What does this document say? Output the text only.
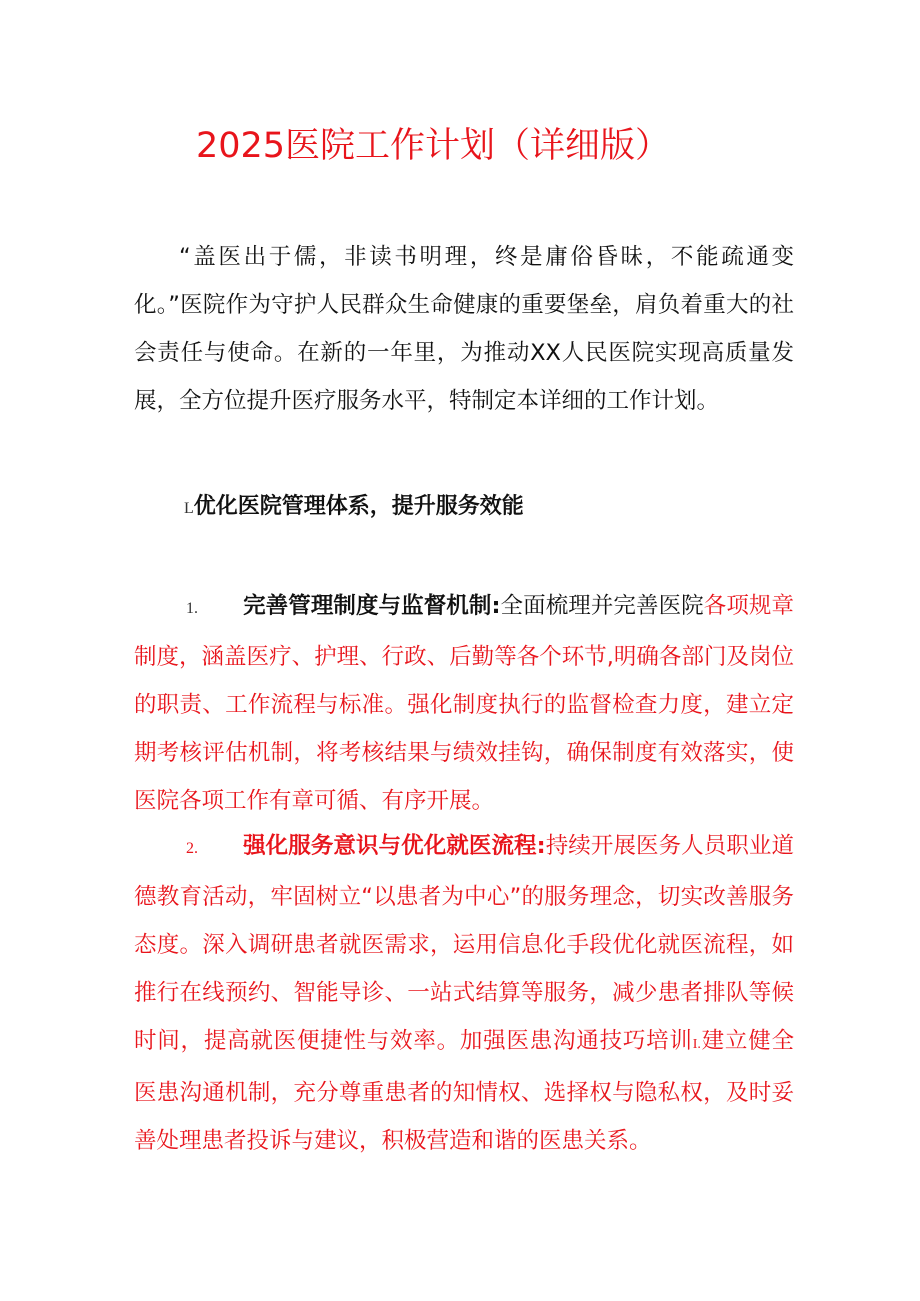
2025医院工作计划（详细版）
“盖医出于儒，非读书明理，终是庸俗昏昧，不能疏通变化。”医院作为守护人民群众生命健康的重要堡垒，肩负着重大的社会责任与使命。在新的一年里，为推动XX人民医院实现高质量发展，全方位提升医疗服务水平，特制定本详细的工作计划。
L优化医院管理体系，提升服务效能
1. 完善管理制度与监督机制:全面梳理并完善医院各项规章制度，涵盖医疗、护理、行政、后勤等各个环节,明确各部门及岗位的职责、工作流程与标准。强化制度执行的监督检查力度，建立定期考核评估机制，将考核结果与绩效挂钩，确保制度有效落实，使医院各项工作有章可循、有序开展。
2. 强化服务意识与优化就医流程:持续开展医务人员职业道德教育活动，牢固树立“以患者为中心”的服务理念，切实改善服务态度。深入调研患者就医需求，运用信息化手段优化就医流程，如推行在线预约、智能导诊、一站式结算等服务，减少患者排队等候时间，提高就医便捷性与效率。加强医患沟通技巧培训I.建立健全医患沟通机制，充分尊重患者的知情权、选择权与隐私权，及时妥善处理患者投诉与建议，积极营造和谐的医患关系。
